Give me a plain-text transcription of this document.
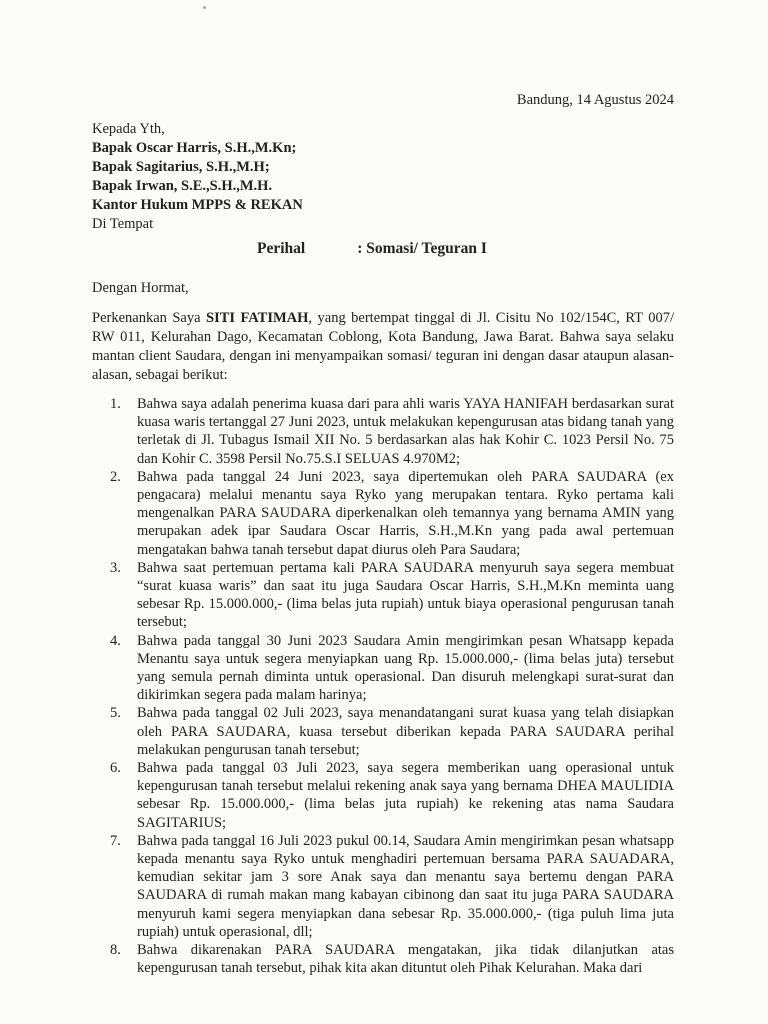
Bandung, 14 Agustus 2024
Kepada Yth,
Bapak Oscar Harris, S.H.,M.Kn;
Bapak Sagitarius, S.H.,M.H;
Bapak Irwan, S.E.,S.H.,M.H.
Kantor Hukum MPPS & REKAN
Di Tempat
Perihal	: Somasi/ Teguran I
Dengan Hormat,
Perkenankan Saya SITI FATIMAH, yang bertempat tinggal di Jl. Cisitu No 102/154C, RT 007/ RW 011, Kelurahan Dago, Kecamatan Coblong, Kota Bandung, Jawa Barat. Bahwa saya selaku mantan client Saudara, dengan ini menyampaikan somasi/ teguran ini dengan dasar ataupun alasan-alasan, sebagai berikut:
1. Bahwa saya adalah penerima kuasa dari para ahli waris YAYA HANIFAH berdasarkan surat kuasa waris tertanggal 27 Juni 2023, untuk melakukan kepengurusan atas bidang tanah yang terletak di Jl. Tubagus Ismail XII No. 5 berdasarkan alas hak Kohir C. 1023 Persil No. 75 dan Kohir C. 3598 Persil No.75.S.I SELUAS 4.970M2;
2. Bahwa pada tanggal 24 Juni 2023, saya dipertemukan oleh PARA SAUDARA (ex pengacara) melalui menantu saya Ryko yang merupakan tentara. Ryko pertama kali mengenalkan PARA SAUDARA diperkenalkan oleh temannya yang bernama AMIN yang merupakan adek ipar Saudara Oscar Harris, S.H.,M.Kn yang pada awal pertemuan mengatakan bahwa tanah tersebut dapat diurus oleh Para Saudara;
3. Bahwa saat pertemuan pertama kali PARA SAUDARA menyuruh saya segera membuat “surat kuasa waris” dan saat itu juga Saudara Oscar Harris, S.H.,M.Kn meminta uang sebesar Rp. 15.000.000,- (lima belas juta rupiah) untuk biaya operasional pengurusan tanah tersebut;
4. Bahwa pada tanggal 30 Juni 2023 Saudara Amin mengirimkan pesan Whatsapp kepada Menantu saya untuk segera menyiapkan uang Rp. 15.000.000,- (lima belas juta) tersebut yang semula pernah diminta untuk operasional. Dan disuruh melengkapi surat-surat dan dikirimkan segera pada malam harinya;
5. Bahwa pada tanggal 02 Juli 2023, saya menandatangani surat kuasa yang telah disiapkan oleh PARA SAUDARA, kuasa tersebut diberikan kepada PARA SAUDARA perihal melakukan pengurusan tanah tersebut;
6. Bahwa pada tanggal 03 Juli 2023, saya segera memberikan uang operasional untuk kepengurusan tanah tersebut melalui rekening anak saya yang bernama DHEA MAULIDIA sebesar Rp. 15.000.000,- (lima belas juta rupiah) ke rekening atas nama Saudara SAGITARIUS;
7. Bahwa pada tanggal 16 Juli 2023 pukul 00.14, Saudara Amin mengirimkan pesan whatsapp kepada menantu saya Ryko untuk menghadiri pertemuan bersama PARA SAUADARA, kemudian sekitar jam 3 sore Anak saya dan menantu saya bertemu dengan PARA SAUDARA di rumah makan mang kabayan cibinong dan saat itu juga PARA SAUDARA menyuruh kami segera menyiapkan dana sebesar Rp. 35.000.000,- (tiga puluh lima juta rupiah) untuk operasional, dll;
8. Bahwa dikarenakan PARA SAUDARA mengatakan, jika tidak dilanjutkan atas kepengurusan tanah tersebut, pihak kita akan dituntut oleh Pihak Kelurahan. Maka dari
